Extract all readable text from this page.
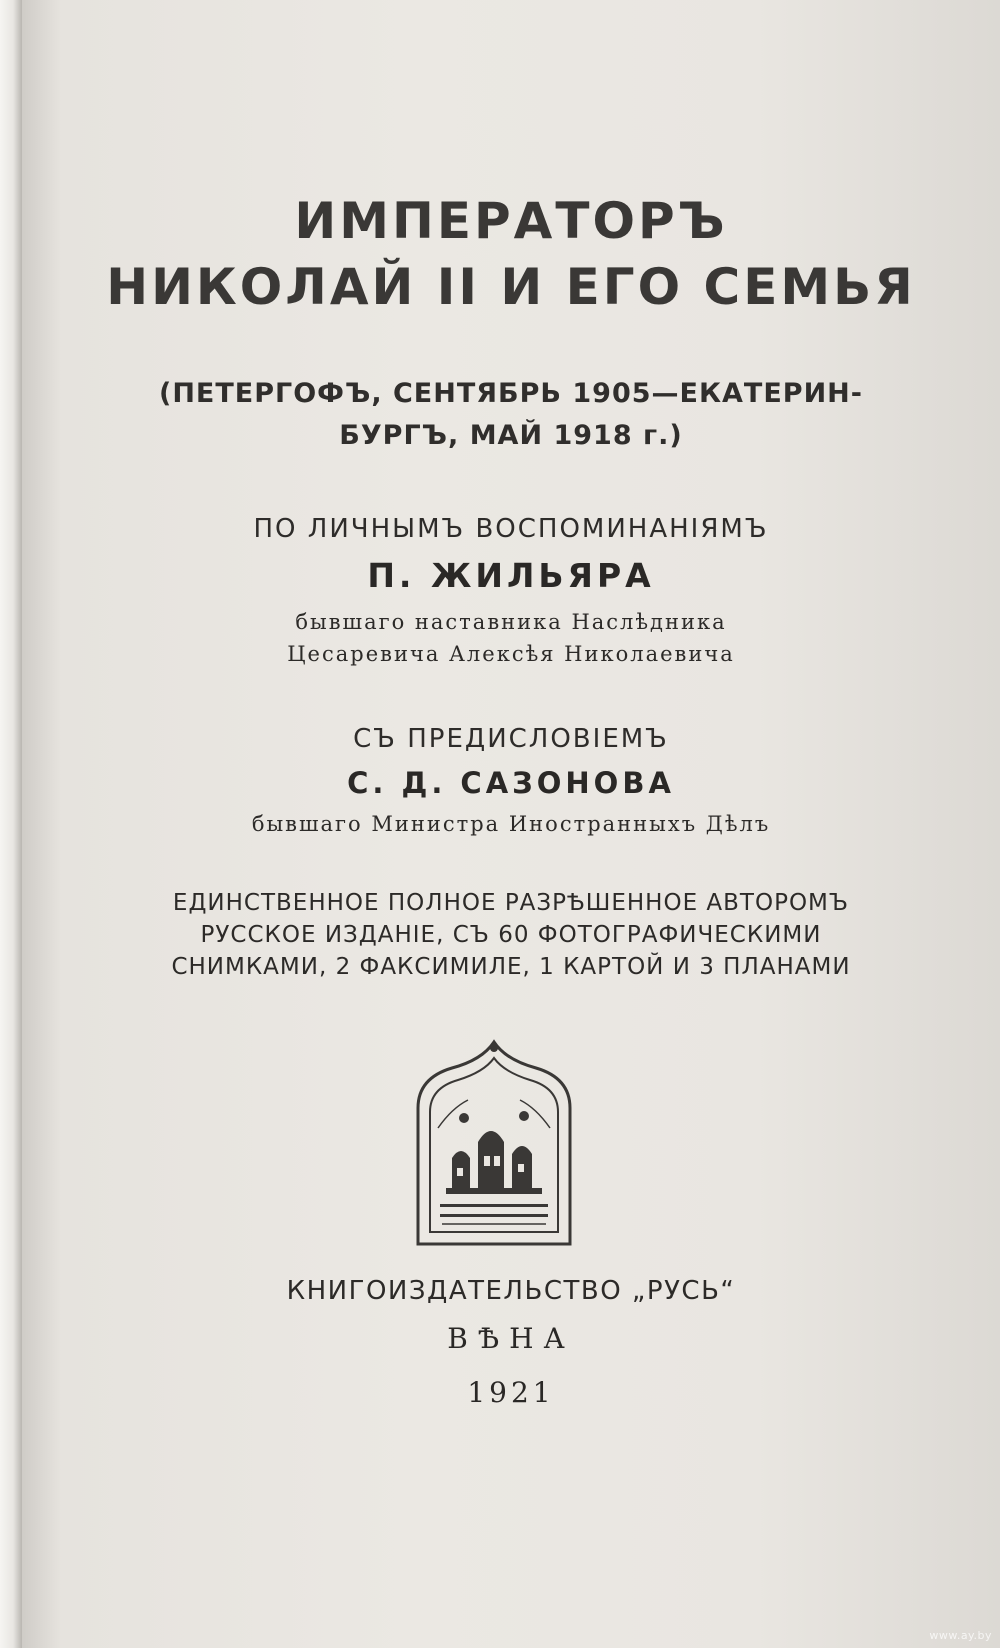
ИМПЕРАТОРЪ
НИКОЛАЙ II И ЕГО СЕМЬЯ
(ПЕТЕРГОФЪ, СЕНТЯБРЬ 1905—ЕКАТЕРИН-
БУРГЪ, МАЙ 1918 г.)
ПО ЛИЧНЫМЪ ВОСПОМИНАНIЯМЪ
П. ЖИЛЬЯРА
бывшаго наставника Наслѣдника
Цесаревича Алексѣя Николаевича
СЪ ПРЕДИСЛОВIЕМЪ
С. Д. САЗОНОВА
бывшаго Министра Иностранныхъ Дѣлъ
ЕДИНСТВЕННОЕ ПОЛНОЕ РАЗРѢШЕННОЕ АВТОРОМЪ
РУССКОЕ ИЗДАНIЕ, СЪ 60 ФОТОГРАФИЧЕСКИМИ
СНИМКАМИ, 2 ФАКСИМИЛЕ, 1 КАРТОЙ И 3 ПЛАНАМИ
КНИГОИЗДАТЕЛЬСТВО „РУСЬ“
ВѢНА
1921
www.ay.by
